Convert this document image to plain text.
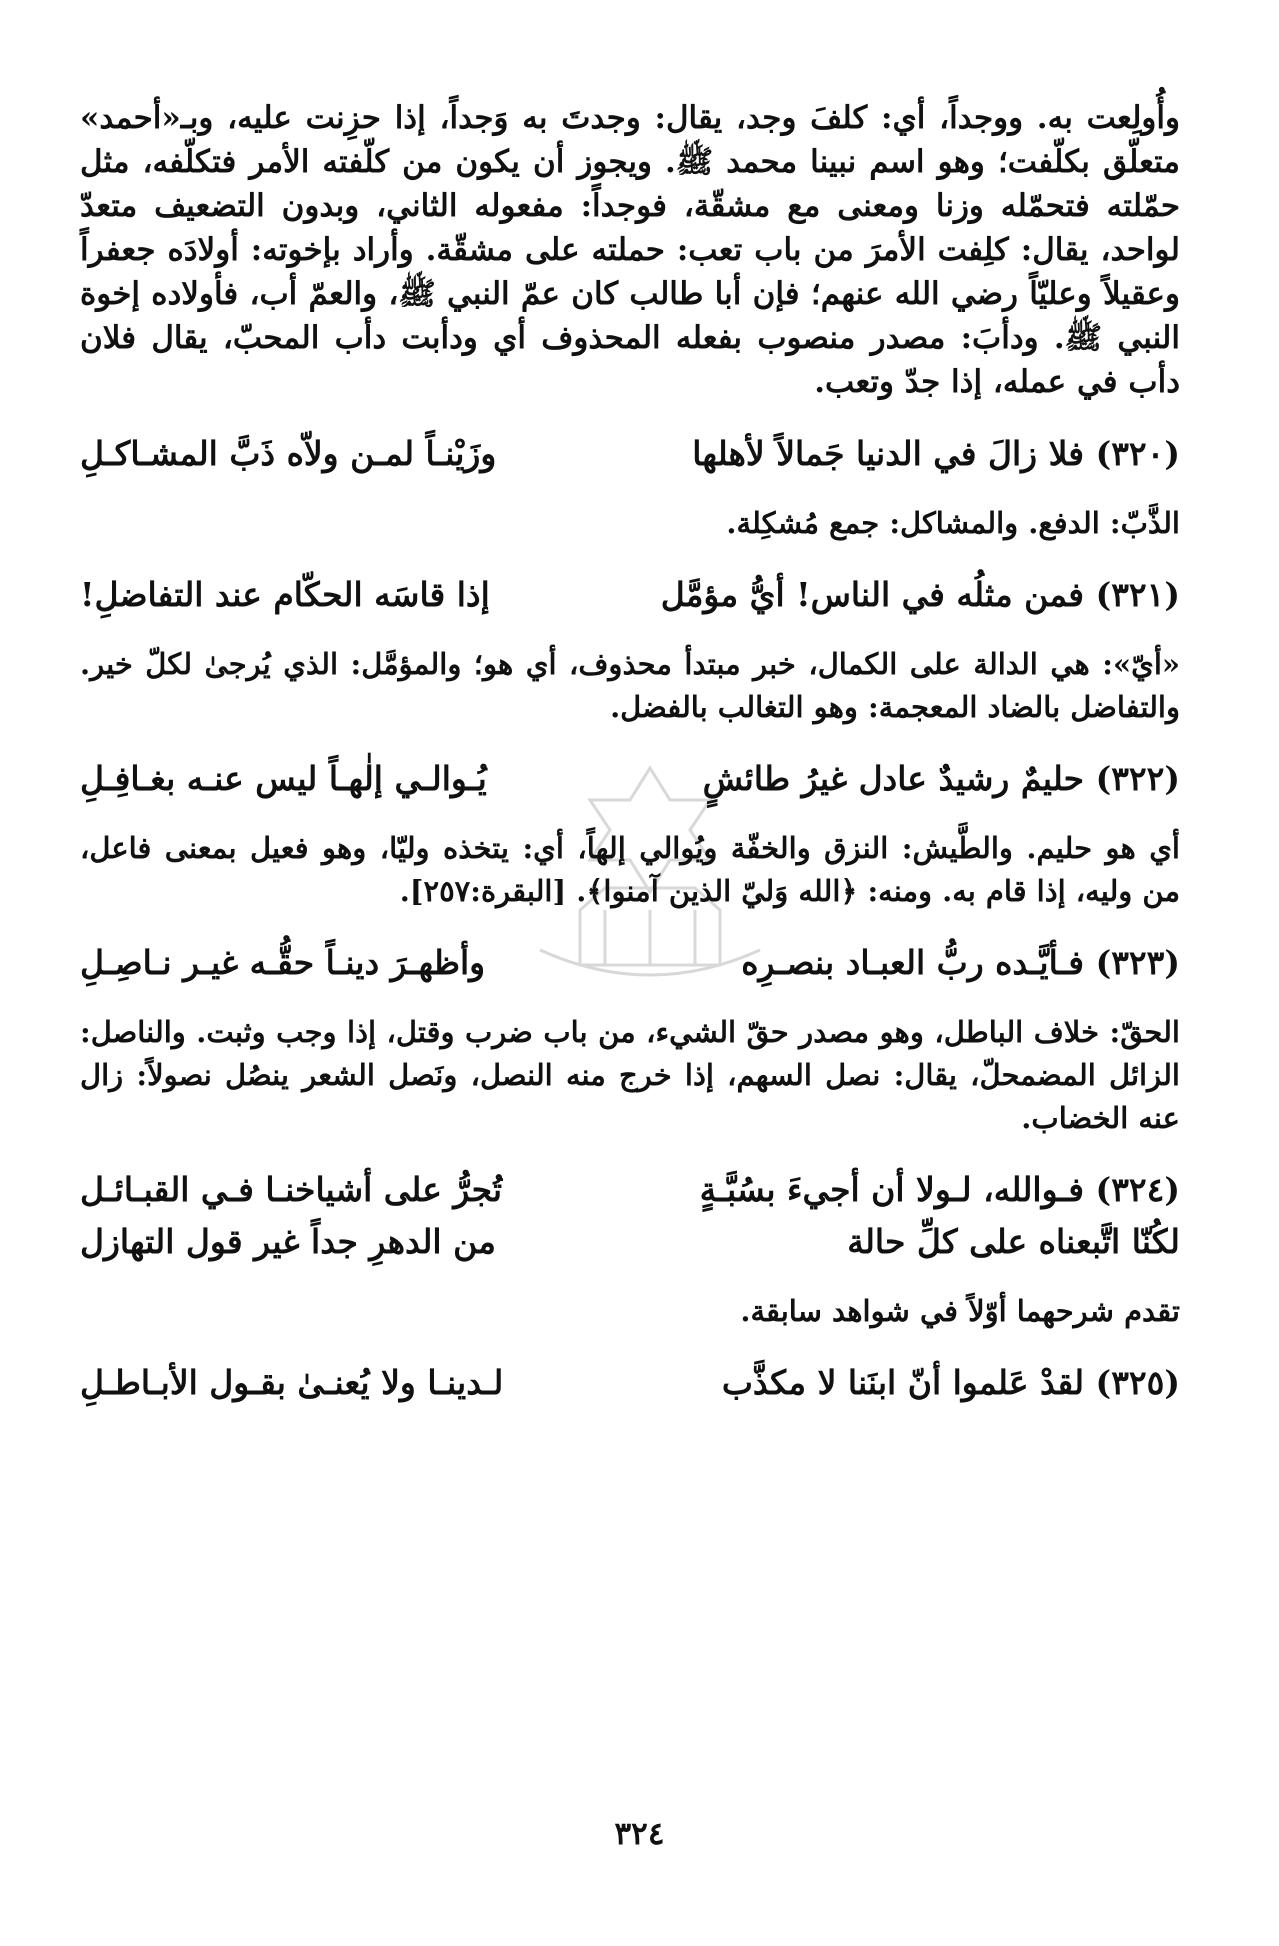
وأُولِعت به. ووجداً، أي: كلفَ وجد، يقال: وجدتَ به وَجداً، إذا حزِنت عليه، وبـ«أحمد» متعلّق بكلّفت؛ وهو اسم نبينا محمد ﷺ. ويجوز أن يكون من كلّفته الأمر فتكلّفه، مثل حمّلته فتحمّله وزنا ومعنى مع مشقّة، فوجداً: مفعوله الثاني، وبدون التضعيف متعدّ لواحد، يقال: كلِفت الأمرَ من باب تعب: حملته على مشقّة. وأراد بإخوته: أولادَه جعفراً وعقيلاً وعليّاً رضي الله عنهم؛ فإن أبا طالب كان عمّ النبي ﷺ، والعمّ أب، فأولاده إخوة النبي ﷺ. ودأبَ: مصدر منصوب بفعله المحذوف أي ودأبت دأب المحبّ، يقال فلان دأب في عمله، إذا جدّ وتعب.

(٣٢٠) فلا زالَ في الدنيا جَمالاً لأهلها
وزَيْنـاً لمـن ولاّه ذَبَّ المشـاكـلِ

الذَّبّ: الدفع. والمشاكل: جمع مُشكِلة.

(٣٢١) فمن مثلُه في الناس! أيُّ مؤمَّل
إذا قاسَه الحكّام عند التفاضلِ!

«أيّ»: هي الدالة على الكمال، خبر مبتدأ محذوف، أي هو؛ والمؤمَّل: الذي يُرجىٰ لكلّ خير. والتفاضل بالضاد المعجمة: وهو التغالب بالفضل.

(٣٢٢) حليمٌ رشيدٌ عادل غيرُ طائشٍ
يُـوالـي إلٰهـاً ليس عنـه بغـافِـلِ

أي هو حليم. والطَّيش: النزق والخفّة ويُوالي إلهاً، أي: يتخذه وليّا، وهو فعيل بمعنى فاعل، من وليه، إذا قام به. ومنه: ﴿الله وَليّ الذين آمنوا﴾. [البقرة:٢٥٧].

(٣٢٣) فـأيَّـده ربُّ العبـاد بنصـرِه
وأظهـرَ دينـاً حقُّـه غيـر نـاصِـلِ

الحقّ: خلاف الباطل، وهو مصدر حقّ الشيء، من باب ضرب وقتل، إذا وجب وثبت. والناصل: الزائل المضمحلّ، يقال: نصل السهم، إذا خرج منه النصل، ونَصل الشعر ينصُل نصولاً: زال عنه الخضاب.

(٣٢٤) فـوالله، لـولا أن أجيءَ بسُبَّـةٍ
تُجرُّ على أشياخنـا فـي القبـائـل
لكُنّا اتَّبعناه على كلِّ حالة
من الدهرِ جداً غير قول التهازل

تقدم شرحهما أوّلاً في شواهد سابقة.

(٣٢٥) لقدْ عَلموا أنّ ابنَنا لا مكذَّب
لـدينـا ولا يُعنـىٰ بقـول الأبـاطـلِ
٣٢٤
